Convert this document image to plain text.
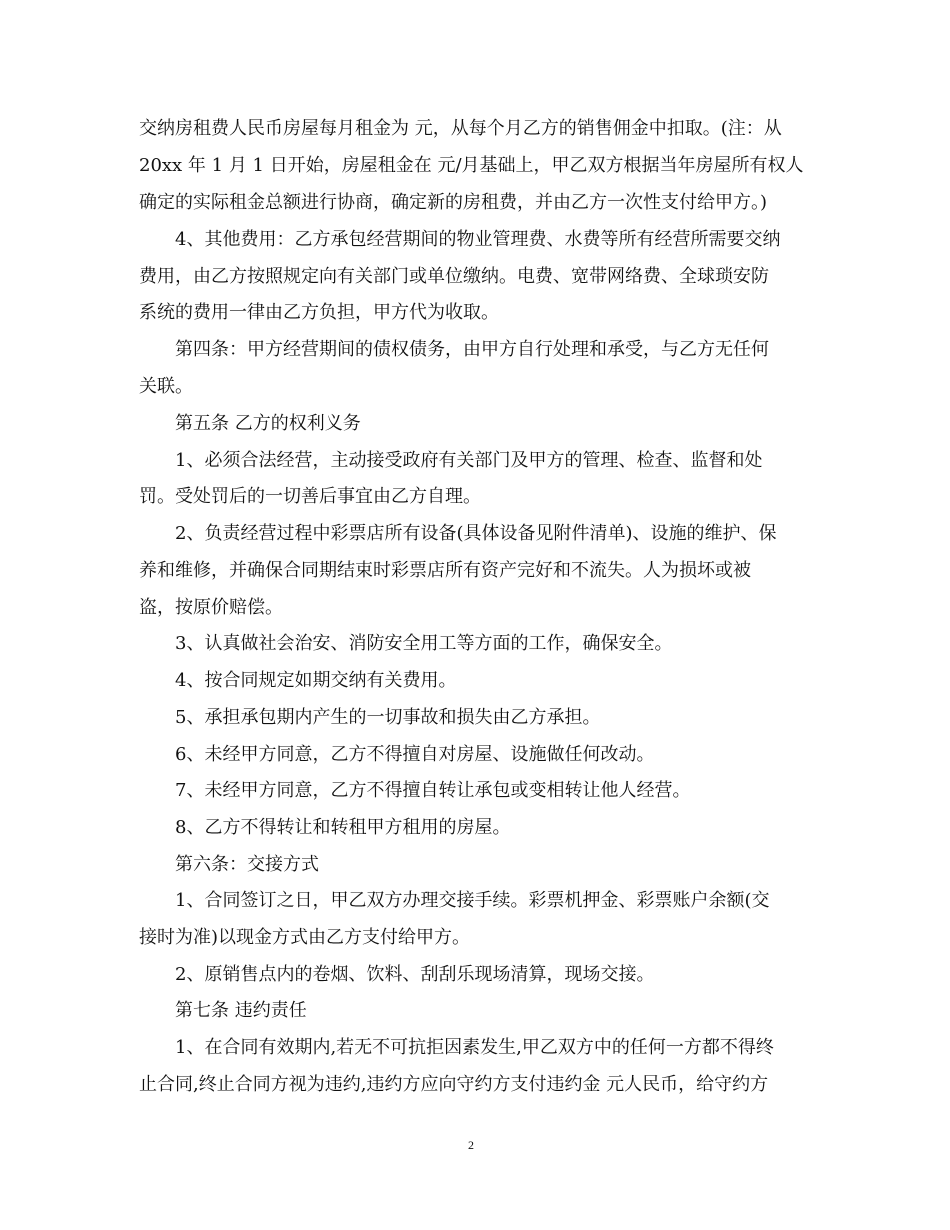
交纳房租费人民币房屋每月租金为 元，从每个月乙方的销售佣金中扣取。(注：从
20xx 年 1 月 1 日开始，房屋租金在 元/月基础上，甲乙双方根据当年房屋所有权人
确定的实际租金总额进行协商，确定新的房租费，并由乙方一次性支付给甲方。)
4、其他费用：乙方承包经营期间的物业管理费、水费等所有经营所需要交纳
费用，由乙方按照规定向有关部门或单位缴纳。电费、宽带网络费、全球琐安防
系统的费用一律由乙方负担，甲方代为收取。
第四条：甲方经营期间的债权债务，由甲方自行处理和承受，与乙方无任何
关联。
第五条 乙方的权利义务
1、必须合法经营，主动接受政府有关部门及甲方的管理、检查、监督和处
罚。受处罚后的一切善后事宜由乙方自理。
2、负责经营过程中彩票店所有设备(具体设备见附件清单)、设施的维护、保
养和维修，并确保合同期结束时彩票店所有资产完好和不流失。人为损坏或被
盗，按原价赔偿。
3、认真做社会治安、消防安全用工等方面的工作，确保安全。
4、按合同规定如期交纳有关费用。
5、承担承包期内产生的一切事故和损失由乙方承担。
6、未经甲方同意，乙方不得擅自对房屋、设施做任何改动。
7、未经甲方同意，乙方不得擅自转让承包或变相转让他人经营。
8、乙方不得转让和转租甲方租用的房屋。
第六条：交接方式
1、合同签订之日，甲乙双方办理交接手续。彩票机押金、彩票账户余额(交
接时为准)以现金方式由乙方支付给甲方。
2、原销售点内的卷烟、饮料、刮刮乐现场清算，现场交接。
第七条 违约责任
1、在合同有效期内,若无不可抗拒因素发生,甲乙双方中的任何一方都不得终
止合同,终止合同方视为违约,违约方应向守约方支付违约金 元人民币，给守约方
2
